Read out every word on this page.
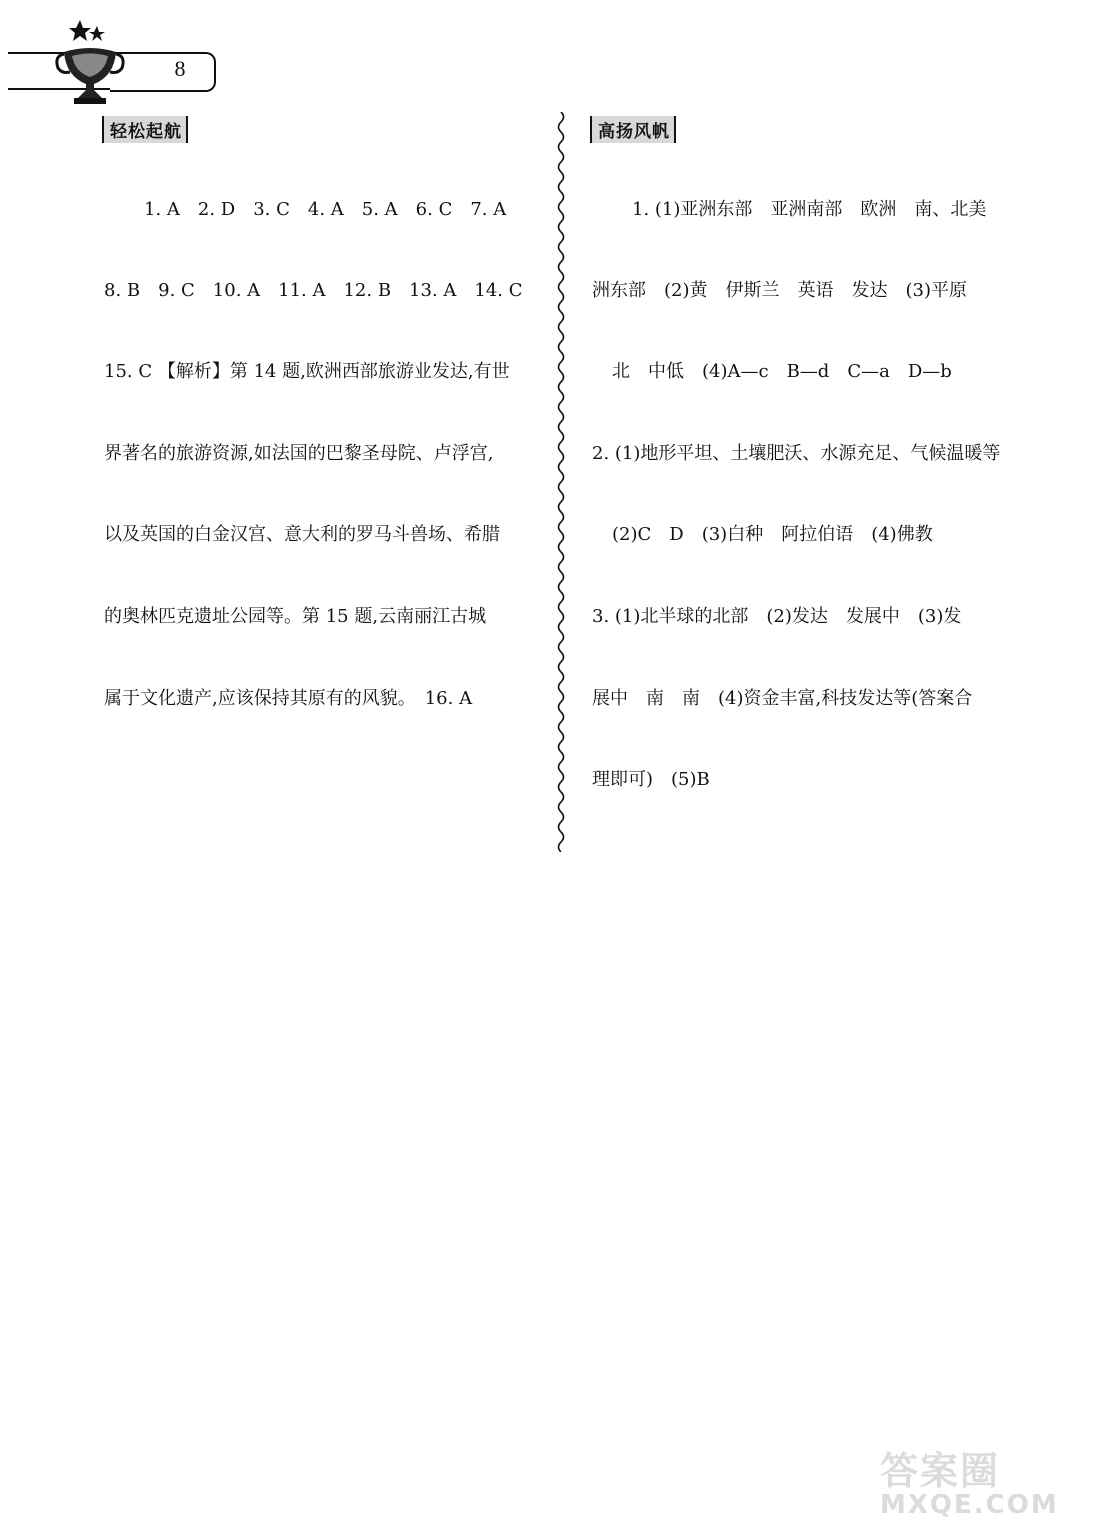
8
轻松起航
1. A　2. D　3. C　4. A　5. A　6. C　7. A
8. B　9. C　10. A　11. A　12. B　13. A　14. C
15. C 【解析】第 14 题,欧洲西部旅游业发达,有世
界著名的旅游资源,如法国的巴黎圣母院、卢浮宫,
以及英国的白金汉宫、意大利的罗马斗兽场、希腊
的奥林匹克遗址公园等。第 15 题,云南丽江古城
属于文化遗产,应该保持其原有的风貌。　16. A
高扬风帆
1. (1)亚洲东部　亚洲南部　欧洲　南、北美
洲东部　(2)黄　伊斯兰　英语　发达　(3)平原
北　中低　(4)A—c　B—d　C—a　D—b
2. (1)地形平坦、土壤肥沃、水源充足、气候温暖等
(2)C　D　(3)白种　阿拉伯语　(4)佛教
3. (1)北半球的北部　(2)发达　发展中　(3)发
展中　南　南　(4)资金丰富,科技发达等(答案合
理即可)　(5)B
答案圈
MXQE.COM
